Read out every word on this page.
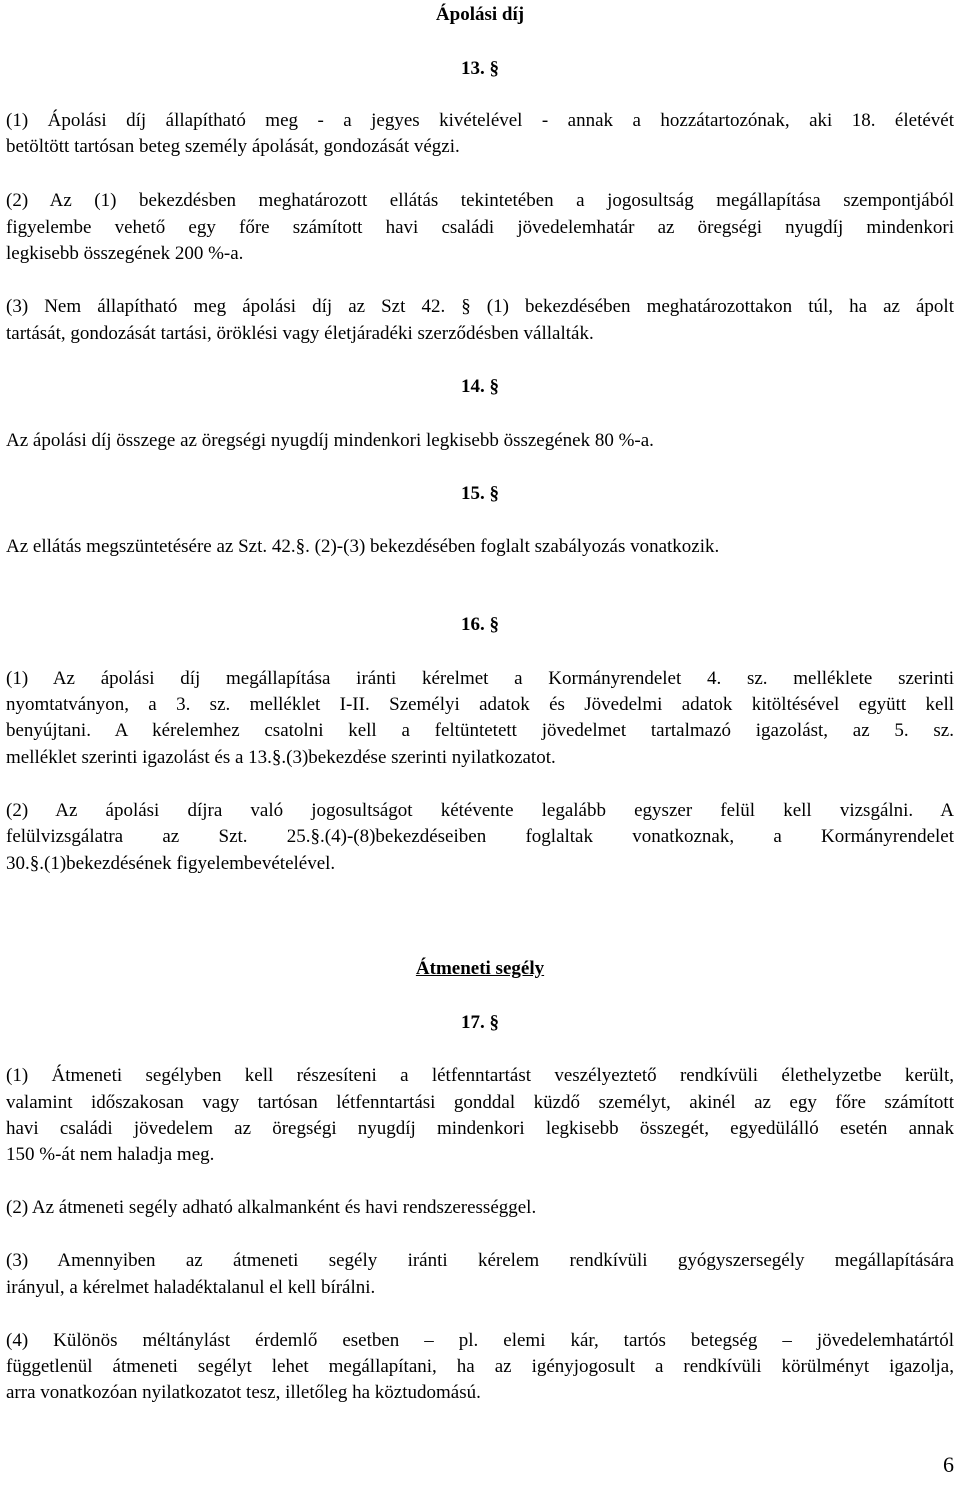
Ápolási díj
13. §
(1) Ápolási díj állapítható meg - a jegyes kivételével - annak a hozzátartozónak, aki 18. életévét
betöltött tartósan beteg személy ápolását, gondozását végzi.
(2) Az (1) bekezdésben meghatározott ellátás tekintetében a jogosultság megállapítása szempontjából
figyelembe vehető egy főre számított havi családi jövedelemhatár az öregségi nyugdíj mindenkori
legkisebb összegének 200 %-a.
(3) Nem állapítható meg ápolási díj az Szt 42. § (1) bekezdésében meghatározottakon túl, ha az ápolt
tartását, gondozását tartási, öröklési vagy életjáradéki szerződésben vállalták.
14. §
Az ápolási díj összege az öregségi nyugdíj mindenkori legkisebb összegének 80 %-a.
15. §
Az ellátás megszüntetésére az Szt. 42.§. (2)-(3) bekezdésében foglalt szabályozás vonatkozik.
16. §
(1) Az ápolási díj megállapítása iránti kérelmet a Kormányrendelet 4. sz. melléklete szerinti
nyomtatványon, a 3. sz. melléklet I-II. Személyi adatok és Jövedelmi adatok kitöltésével együtt kell
benyújtani. A kérelemhez csatolni kell a feltüntetett jövedelmet tartalmazó igazolást, az 5. sz.
melléklet szerinti igazolást és a 13.§.(3)bekezdése szerinti nyilatkozatot.
(2) Az ápolási díjra való jogosultságot kétévente legalább egyszer felül kell vizsgálni. A
felülvizsgálatra az Szt. 25.§.(4)-(8)bekezdéseiben foglaltak vonatkoznak, a Kormányrendelet
30.§.(1)bekezdésének figyelembevételével.
Átmeneti segély
17. §
(1) Átmeneti segélyben kell részesíteni a létfenntartást veszélyeztető rendkívüli élethelyzetbe került,
valamint időszakosan vagy tartósan létfenntartási gonddal küzdő személyt, akinél az egy főre számított
havi családi jövedelem az öregségi nyugdíj mindenkori legkisebb összegét, egyedülálló esetén annak
150 %-át nem haladja meg.
(2) Az átmeneti segély adható alkalmanként és havi rendszerességgel.
(3) Amennyiben az átmeneti segély iránti kérelem rendkívüli gyógyszersegély megállapítására
irányul, a kérelmet haladéktalanul el kell bírálni.
(4) Különös méltánylást érdemlő esetben – pl. elemi kár, tartós betegség – jövedelemhatártól
függetlenül átmeneti segélyt lehet megállapítani, ha az igényjogosult a rendkívüli körülményt igazolja,
arra vonatkozóan nyilatkozatot tesz, illetőleg ha köztudomású.
6
